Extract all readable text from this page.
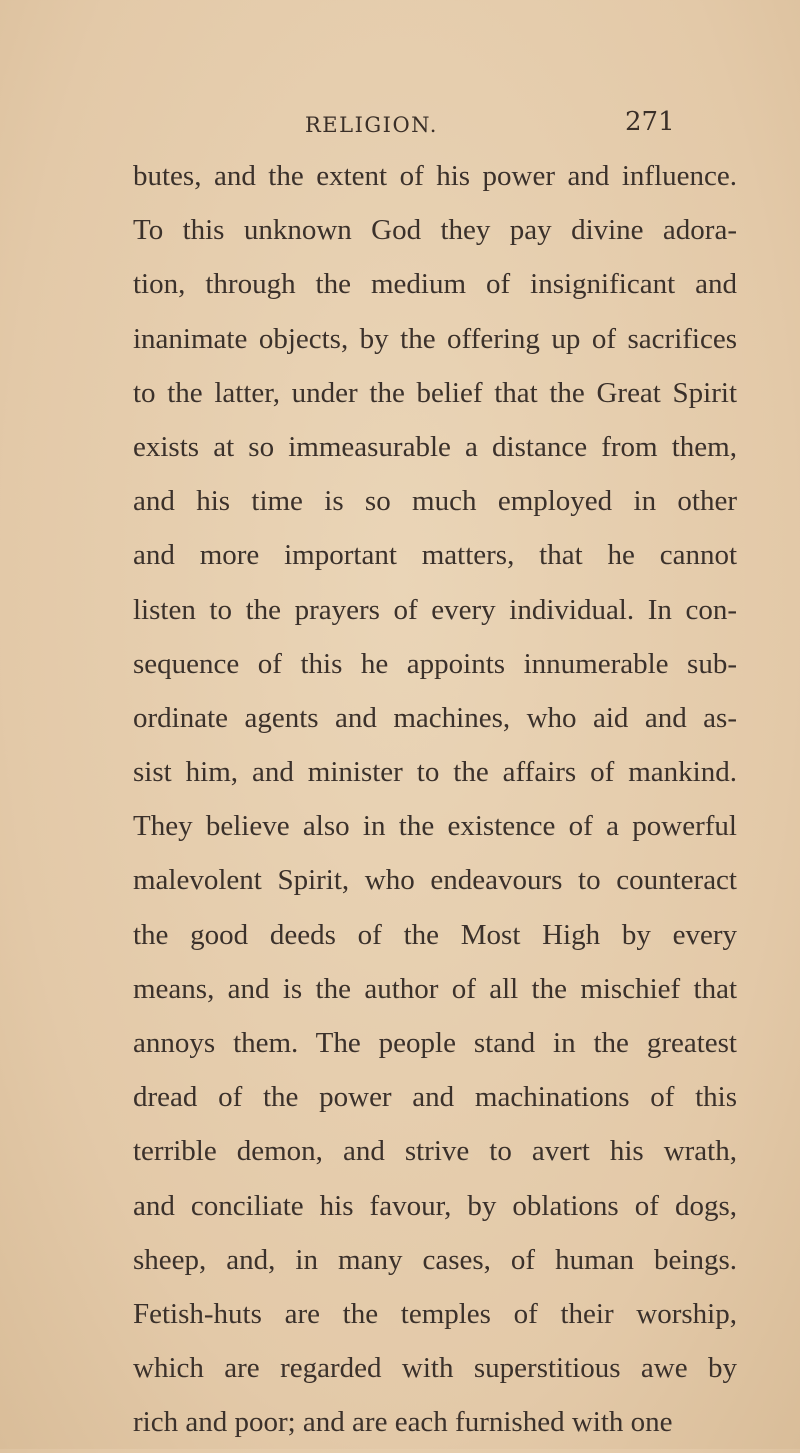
RELIGION.	271
butes, and the extent of his power and influence.
To this unknown God they pay divine adora-
tion, through the medium of insignificant and
inanimate objects, by the offering up of sacrifices
to the latter, under the belief that the Great Spirit
exists at so immeasurable a distance from them,
and his time is so much employed in other
and more important matters, that he cannot
listen to the prayers of every individual. In con-
sequence of this he appoints innumerable sub-
ordinate agents and machines, who aid and as-
sist him, and minister to the affairs of mankind.
They believe also in the existence of a powerful
malevolent Spirit, who endeavours to counteract
the good deeds of the Most High by every
means, and is the author of all the mischief that
annoys them. The people stand in the greatest
dread of the power and machinations of this
terrible demon, and strive to avert his wrath,
and conciliate his favour, by oblations of dogs,
sheep, and, in many cases, of human beings.
Fetish-huts are the temples of their worship,
which are regarded with superstitious awe by
rich and poor; and are each furnished with one
